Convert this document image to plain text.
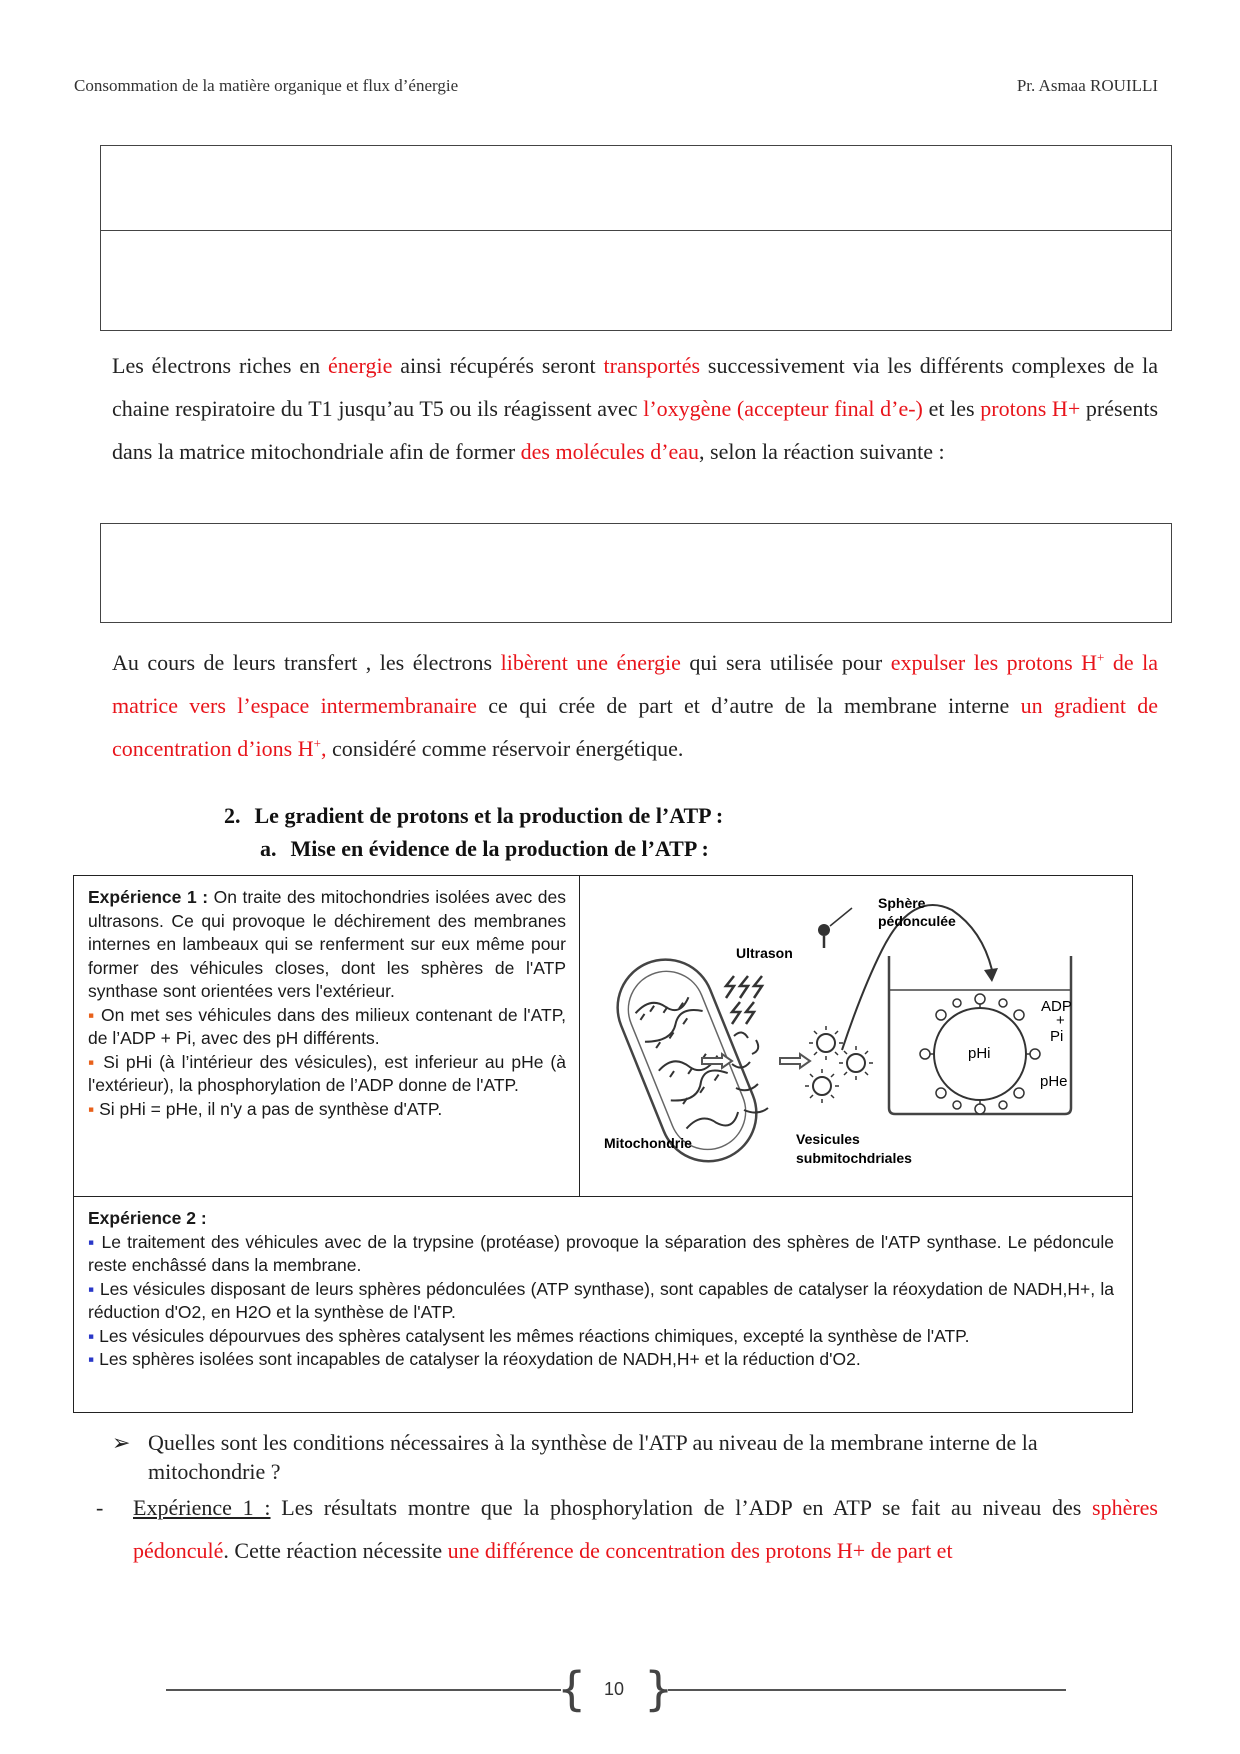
Consommation de la matière organique et flux d’énergie	Pr. Asmaa ROUILLI
Les électrons riches en énergie ainsi récupérés seront transportés successivement via les différents complexes de la chaine respiratoire du T1 jusqu’au T5 ou ils réagissent avec l’oxygène (accepteur final d’e-) et les protons H+ présents dans la matrice mitochondriale afin de former des molécules d’eau, selon la réaction suivante :
Au cours de leurs transfert , les électrons libèrent une énergie qui sera utilisée pour expulser les protons H+ de la matrice vers l’espace intermembranaire ce qui crée de part et d’autre de la membrane interne un gradient de concentration d’ions H+, considéré comme réservoir énergétique.
2. Le gradient de protons et la production de l’ATP :
a. Mise en évidence de la production de l’ATP :

Expérience 1 : On traite des mitochondries isolées avec des ultrasons. Ce qui provoque le déchirement des membranes internes en lambeaux qui se renferment sur eux même pour former des véhicules closes, dont les sphères de l'ATP synthase sont orientées vers l'extérieur.

▪ On met ses véhicules dans des milieux contenant de l'ATP, de l’ADP + Pi, avec des pH différents.

▪ Si pHi (à l’intérieur des vésicules), est inferieur au pHe (à l'extérieur), la phosphorylation de l’ADP donne de l'ATP.

▪ Si pHi = pHe, il n'y a pas de synthèse d'ATP.

Sphère
pédonculée
Ultrason
Mitochondrie	Vesicules
submitochdriales
ADP
+
Pi
pHi
pHe

Expérience 2 :

▪ Le traitement des véhicules avec de la trypsine (protéase) provoque la séparation des sphères de l'ATP synthase. Le pédoncule reste enchâssé dans la membrane.

▪ Les vésicules disposant de leurs sphères pédonculées (ATP synthase), sont capables de catalyser la réoxydation de NADH,H+, la réduction d'O2, en H2O et la synthèse de l'ATP.

▪ Les vésicules dépourvues des sphères catalysent les mêmes réactions chimiques, excepté la synthèse de l'ATP.

▪ Les sphères isolées sont incapables de catalyser la réoxydation de NADH,H+ et la réduction d'O2.

➢ Quelles sont les conditions nécessaires à la synthèse de l'ATP au niveau de la membrane interne de la mitochondrie ?
- Expérience 1 : Les résultats montre que la phosphorylation de l’ADP en ATP se fait au niveau des sphères pédonculé. Cette réaction nécessite une différence de concentration des protons H+ de part et
{ 10 }
